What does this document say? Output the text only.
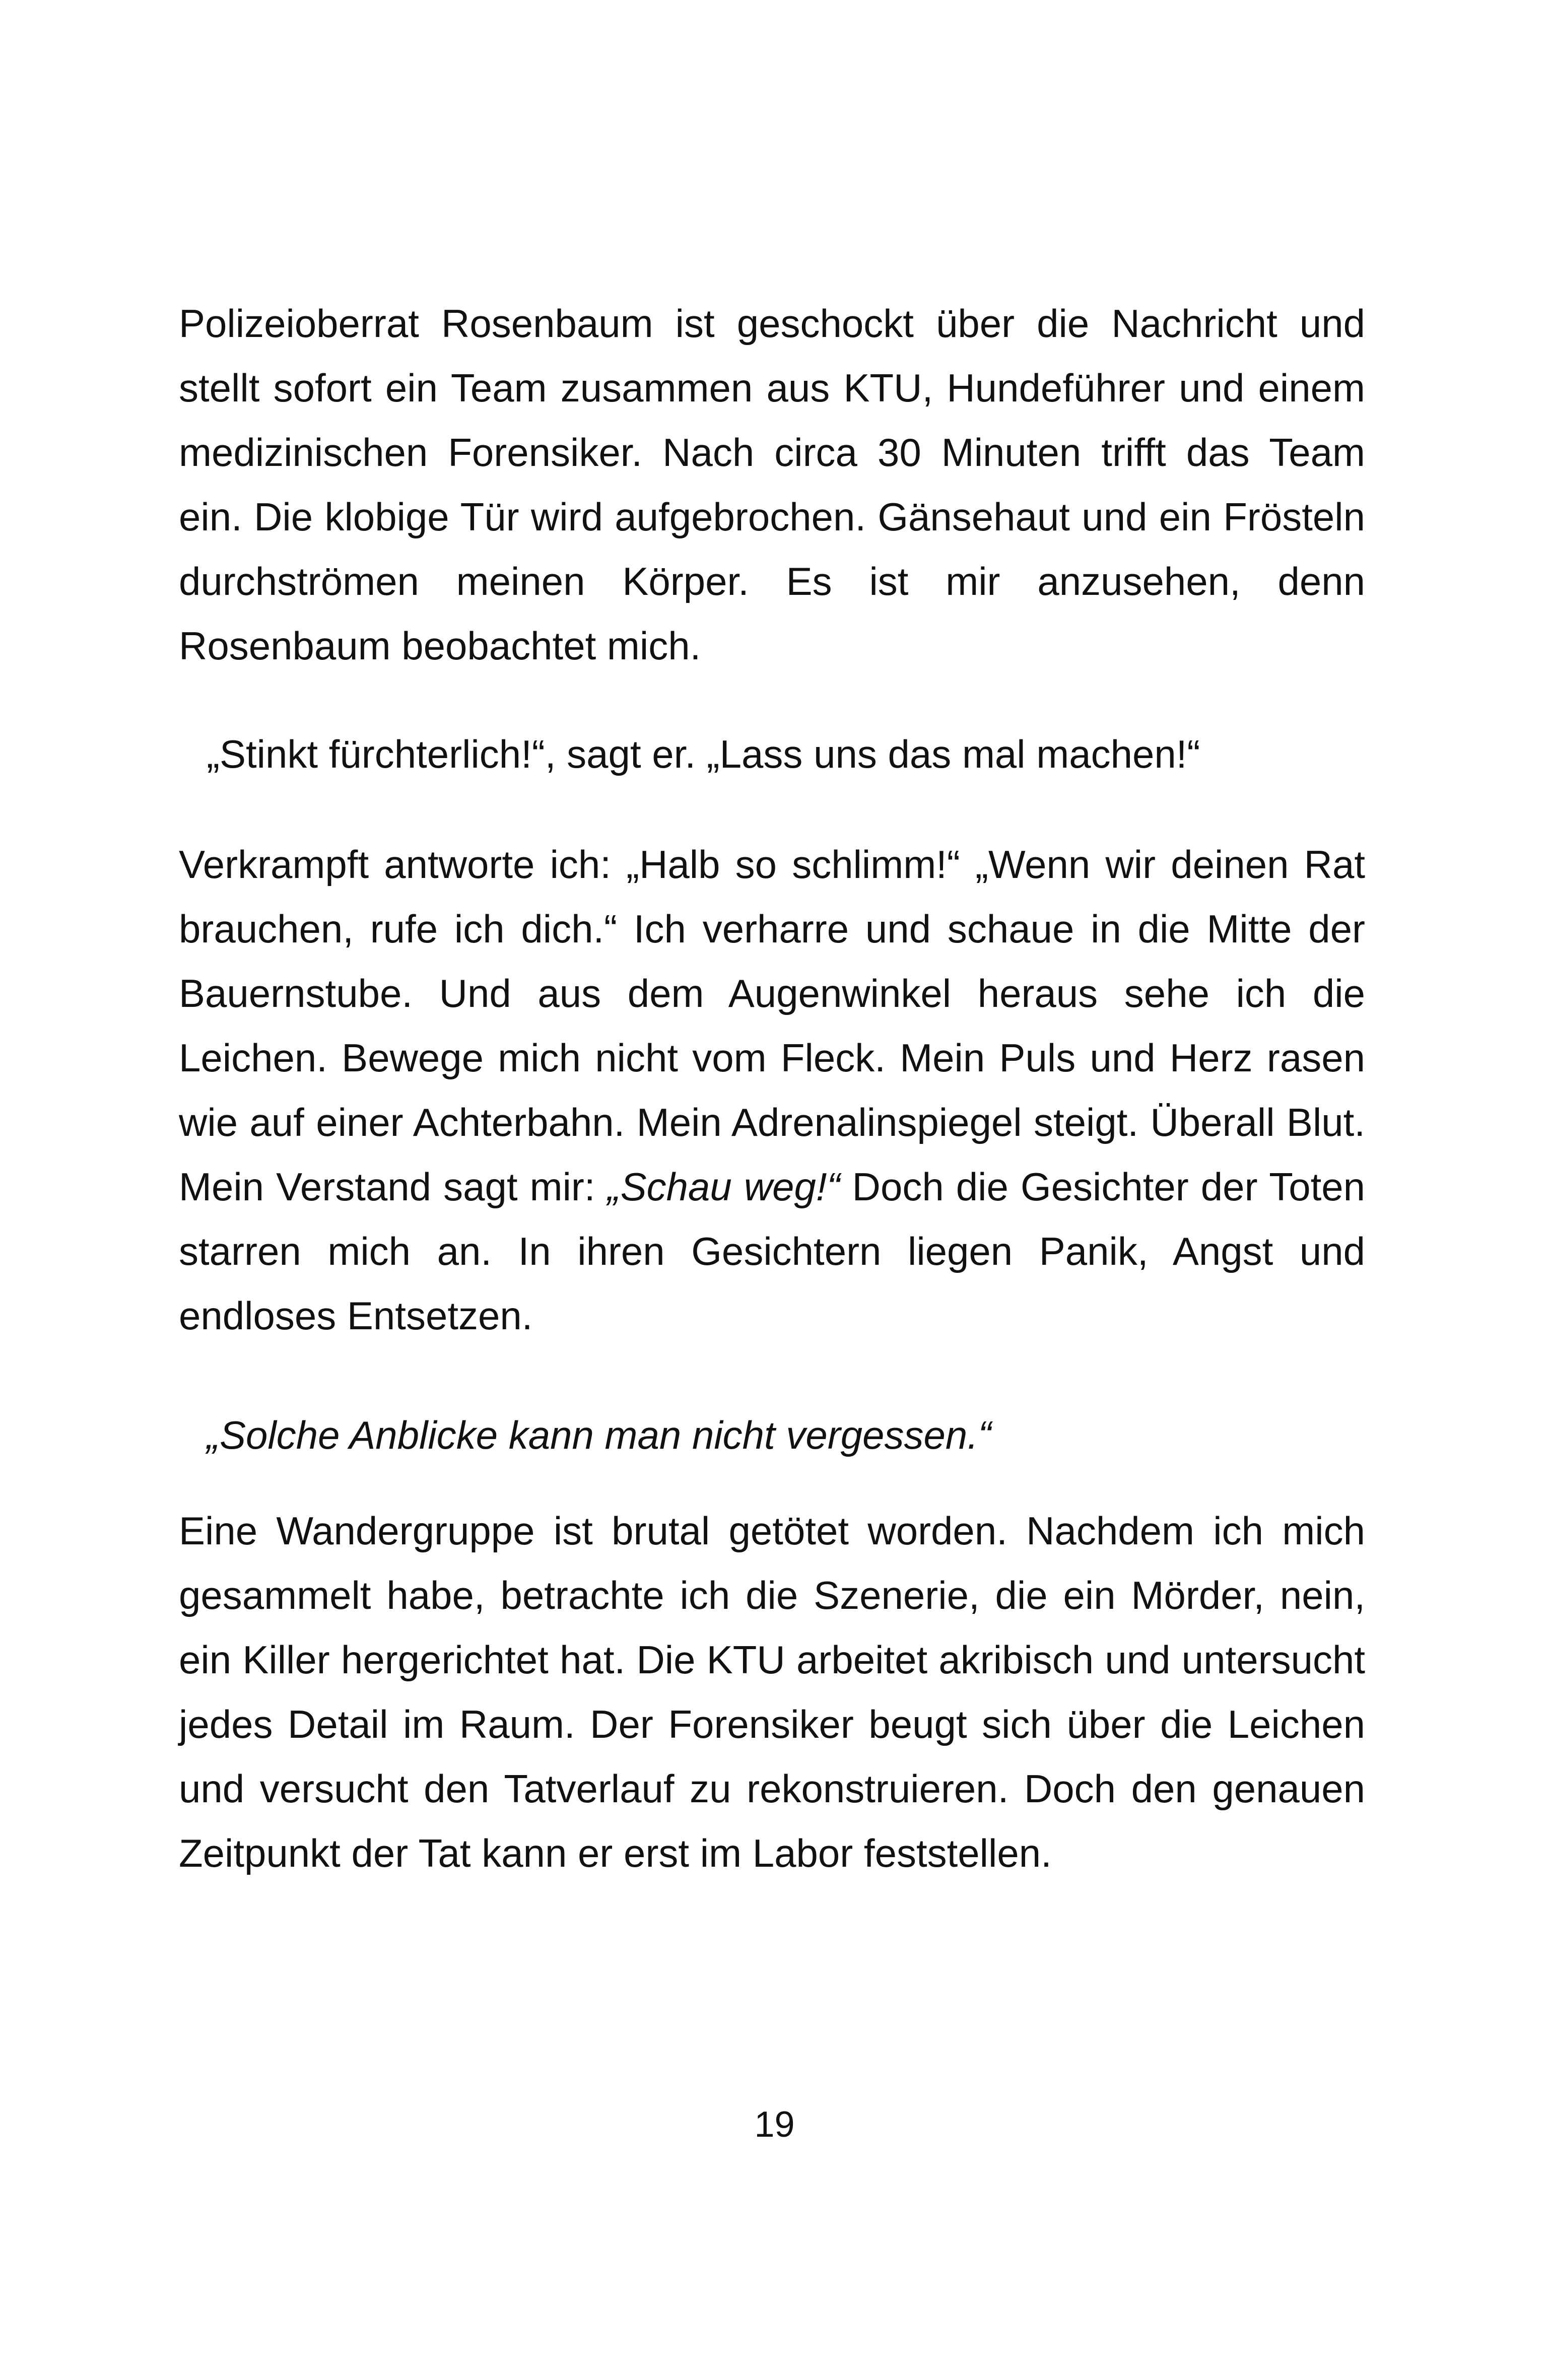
Polizeioberrat Rosenbaum ist geschockt über die Nachricht und stellt sofort ein Team zusammen aus KTU, Hundeführer und einem medizinischen Forensiker. Nach circa 30 Minuten trifft das Team ein. Die klobige Tür wird aufgebrochen. Gänsehaut und ein Frösteln durchströmen meinen Körper. Es ist mir anzusehen, denn Rosenbaum beobachtet mich.

„Stinkt fürchterlich!“, sagt er. „Lass uns das mal machen!“

Verkrampft antworte ich: „Halb so schlimm!“ „Wenn wir deinen Rat brauchen, rufe ich dich.“ Ich verharre und schaue in die Mitte der Bauernstube. Und aus dem Augenwinkel heraus sehe ich die Leichen. Bewege mich nicht vom Fleck. Mein Puls und Herz rasen wie auf einer Achterbahn. Mein Adrenalinspiegel steigt. Überall Blut. Mein Verstand sagt mir: „Schau weg!“ Doch die Gesichter der Toten starren mich an. In ihren Gesichtern liegen Panik, Angst und endloses Entsetzen.

„Solche Anblicke kann man nicht vergessen.“

Eine Wandergruppe ist brutal getötet worden. Nachdem ich mich gesammelt habe, betrachte ich die Szenerie, die ein Mörder, nein, ein Killer hergerichtet hat. Die KTU arbeitet akribisch und untersucht jedes Detail im Raum. Der Forensiker beugt sich über die Leichen und versucht den Tatverlauf zu rekonstruieren. Doch den genauen Zeitpunkt der Tat kann er erst im Labor feststellen.

19
